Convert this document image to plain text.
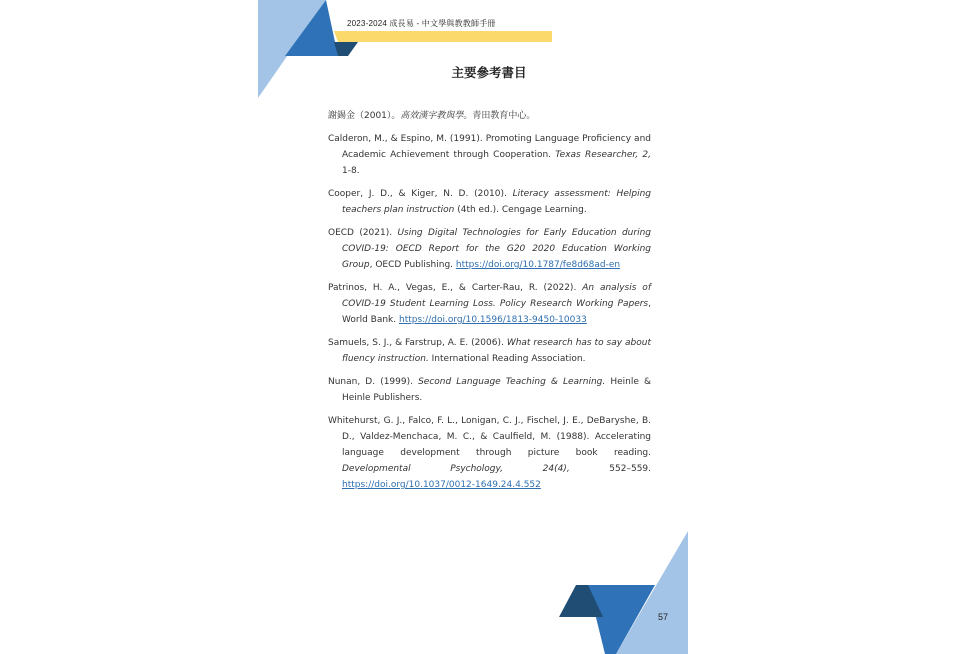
2023-2024 成長易 - 中文學與教教師手冊
主要參考書目

謝錫金（2001）。高效漢字教與學。青田教育中心。

Calderon, M., & Espino, M. (1991). Promoting Language Proficiency and Academic Achievement through Cooperation. Texas Researcher, 2, 1-8.

Cooper, J. D., & Kiger, N. D. (2010). Literacy assessment: Helping teachers plan instruction (4th ed.). Cengage Learning.

OECD (2021). Using Digital Technologies for Early Education during COVID-19: OECD Report for the G20 2020 Education Working Group, OECD Publishing. https://doi.org/10.1787/fe8d68ad-en

Patrinos, H. A., Vegas, E., & Carter-Rau, R. (2022). An analysis of COVID-19 Student Learning Loss. Policy Research Working Papers, World Bank. https://doi.org/10.1596/1813-9450-10033

Samuels, S. J., & Farstrup, A. E. (2006). What research has to say about fluency instruction. International Reading Association.

Nunan, D. (1999). Second Language Teaching & Learning. Heinle & Heinle Publishers.

Whitehurst, G. J., Falco, F. L., Lonigan, C. J., Fischel, J. E., DeBaryshe, B. D., Valdez-Menchaca, M. C., & Caulfield, M. (1988). Accelerating language development through picture book reading. Developmental Psychology, 24(4), 552–559. https://doi.org/10.1037/0012-1649.24.4.552

57
